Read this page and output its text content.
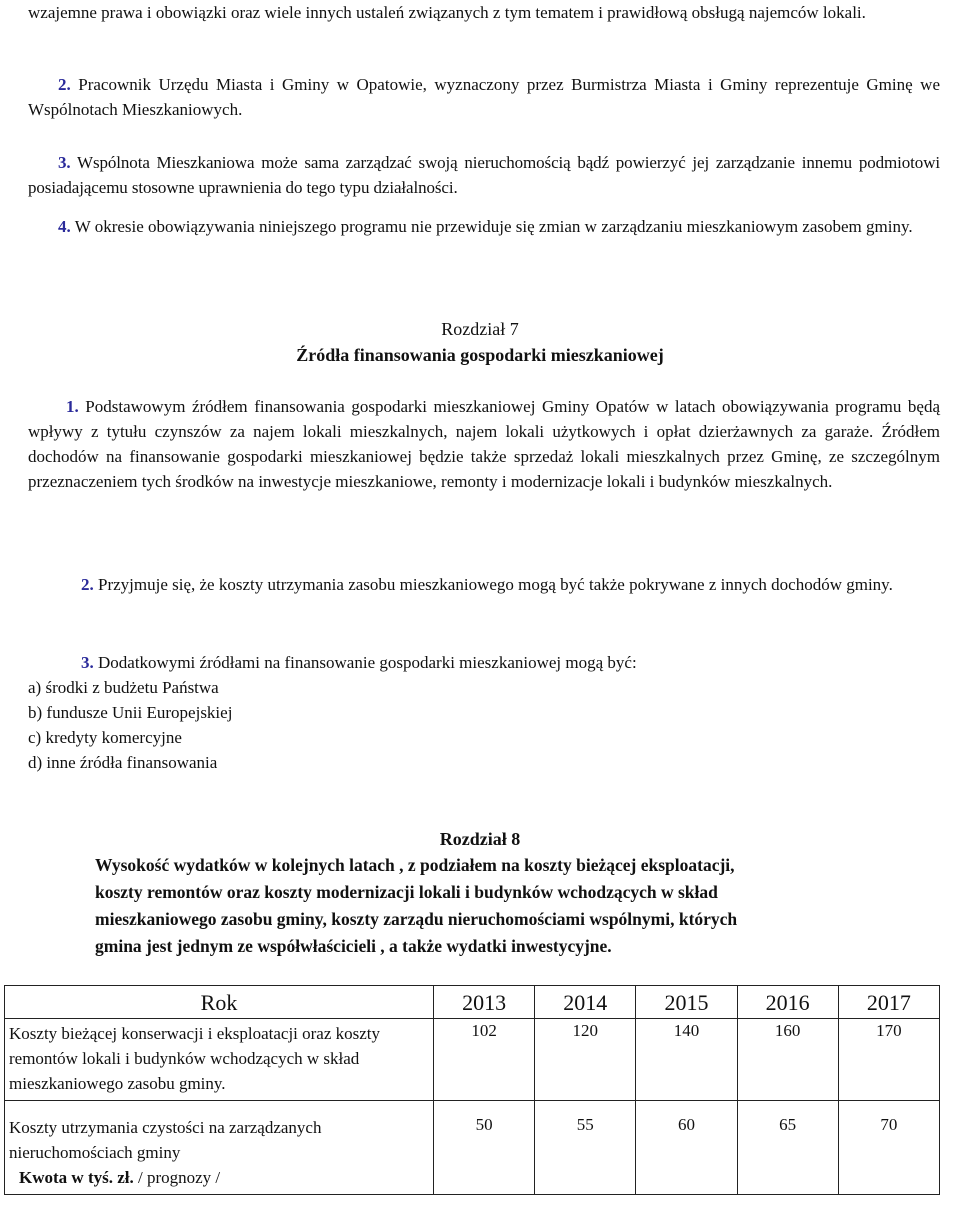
wzajemne prawa i obowiązki oraz wiele innych ustaleń związanych z tym tematem i prawidłową obsługą najemców lokali.

2. Pracownik Urzędu Miasta i Gminy w Opatowie, wyznaczony przez Burmistrza Miasta i Gminy reprezentuje Gminę we Wspólnotach Mieszkaniowych.

3. Wspólnota Mieszkaniowa może sama zarządzać swoją nieruchomością bądź powierzyć jej zarządzanie innemu podmiotowi posiadającemu stosowne uprawnienia do tego typu działalności.

4. W okresie obowiązywania niniejszego programu nie przewiduje się zmian w zarządzaniu mieszkaniowym zasobem gminy.

Rozdział 7

Źródła finansowania gospodarki mieszkaniowej

1. Podstawowym źródłem finansowania gospodarki mieszkaniowej Gminy Opatów w latach obowiązywania programu będą wpływy z tytułu czynszów za najem lokali mieszkalnych, najem lokali użytkowych i opłat dzierżawnych za garaże. Źródłem dochodów na finansowanie gospodarki mieszkaniowej będzie także sprzedaż lokali mieszkalnych przez Gminę, ze szczególnym przeznaczeniem tych środków na inwestycje mieszkaniowe, remonty i modernizacje lokali i budynków mieszkalnych.

2. Przyjmuje się, że koszty utrzymania zasobu mieszkaniowego mogą być także pokrywane z innych dochodów gminy.

3. Dodatkowymi źródłami na finansowanie gospodarki mieszkaniowej mogą być:

a) środki z budżetu Państwa
b) fundusze Unii Europejskiej
c) kredyty komercyjne
d) inne źródła finansowania

Rozdział 8

Wysokość wydatków w kolejnych latach , z podziałem na koszty bieżącej eksploatacji,
koszty remontów oraz koszty modernizacji lokali i budynków wchodzących w skład
mieszkaniowego zasobu gminy, koszty zarządu nieruchomościami wspólnymi, których
gmina jest jednym ze współwłaścicieli , a także wydatki inwestycyjne.
Rok	2013	2014	2015	2016	2017

Koszty bieżącej konserwacji i eksploatacji oraz koszty remontów lokali i budynków wchodzących w skład mieszkaniowego zasobu gminy.	102	120	140	160	170

Koszty utrzymania czystości na zarządzanych nieruchomościach gminy
Kwota w tyś. zł. / prognozy /	50	55	60	65	70
